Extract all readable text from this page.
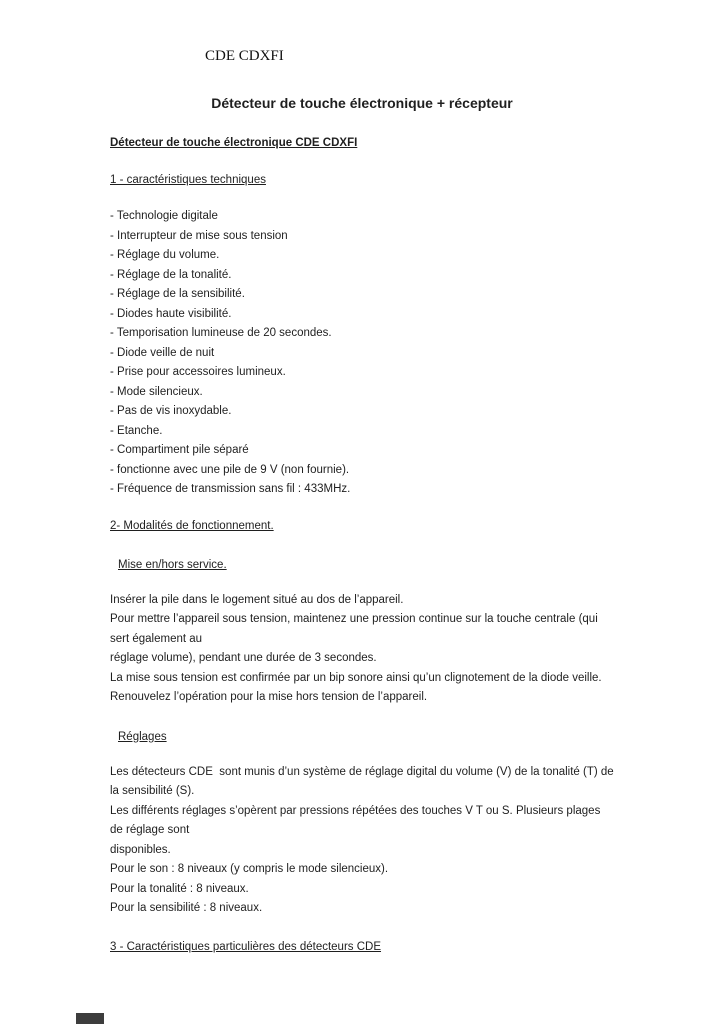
CDE CDXFI
Détecteur de touche électronique + récepteur
Détecteur de touche électronique CDE CDXFI
1 - caractéristiques techniques
- Technologie digitale
- Interrupteur de mise sous tension
- Réglage du volume.
- Réglage de la tonalité.
- Réglage de la sensibilité.
- Diodes haute visibilité.
- Temporisation lumineuse de 20 secondes.
- Diode veille de nuit
- Prise pour accessoires lumineux.
- Mode silencieux.
- Pas de vis inoxydable.
- Etanche.
- Compartiment pile séparé
- fonctionne avec une pile de 9 V (non fournie).
- Fréquence de transmission sans fil : 433MHz.
2- Modalités de fonctionnement.
Mise en/hors service.
Insérer la pile dans le logement situé au dos de l’appareil.
Pour mettre l’appareil sous tension, maintenez une pression continue sur la touche centrale (qui sert également au
réglage volume), pendant une durée de 3 secondes.
La mise sous tension est confirmée par un bip sonore ainsi qu’un clignotement de la diode veille.
Renouvelez l’opération pour la mise hors tension de l’appareil.
Réglages
Les détecteurs CDE  sont munis d’un système de réglage digital du volume (V) de la tonalité (T) de la sensibilité (S).
Les différents réglages s’opèrent par pressions répétées des touches V T ou S. Plusieurs plages de réglage sont
disponibles.
Pour le son : 8 niveaux (y compris le mode silencieux).
Pour la tonalité : 8 niveaux.
Pour la sensibilité : 8 niveaux.
3 - Caractéristiques particulières des détecteurs CDE
